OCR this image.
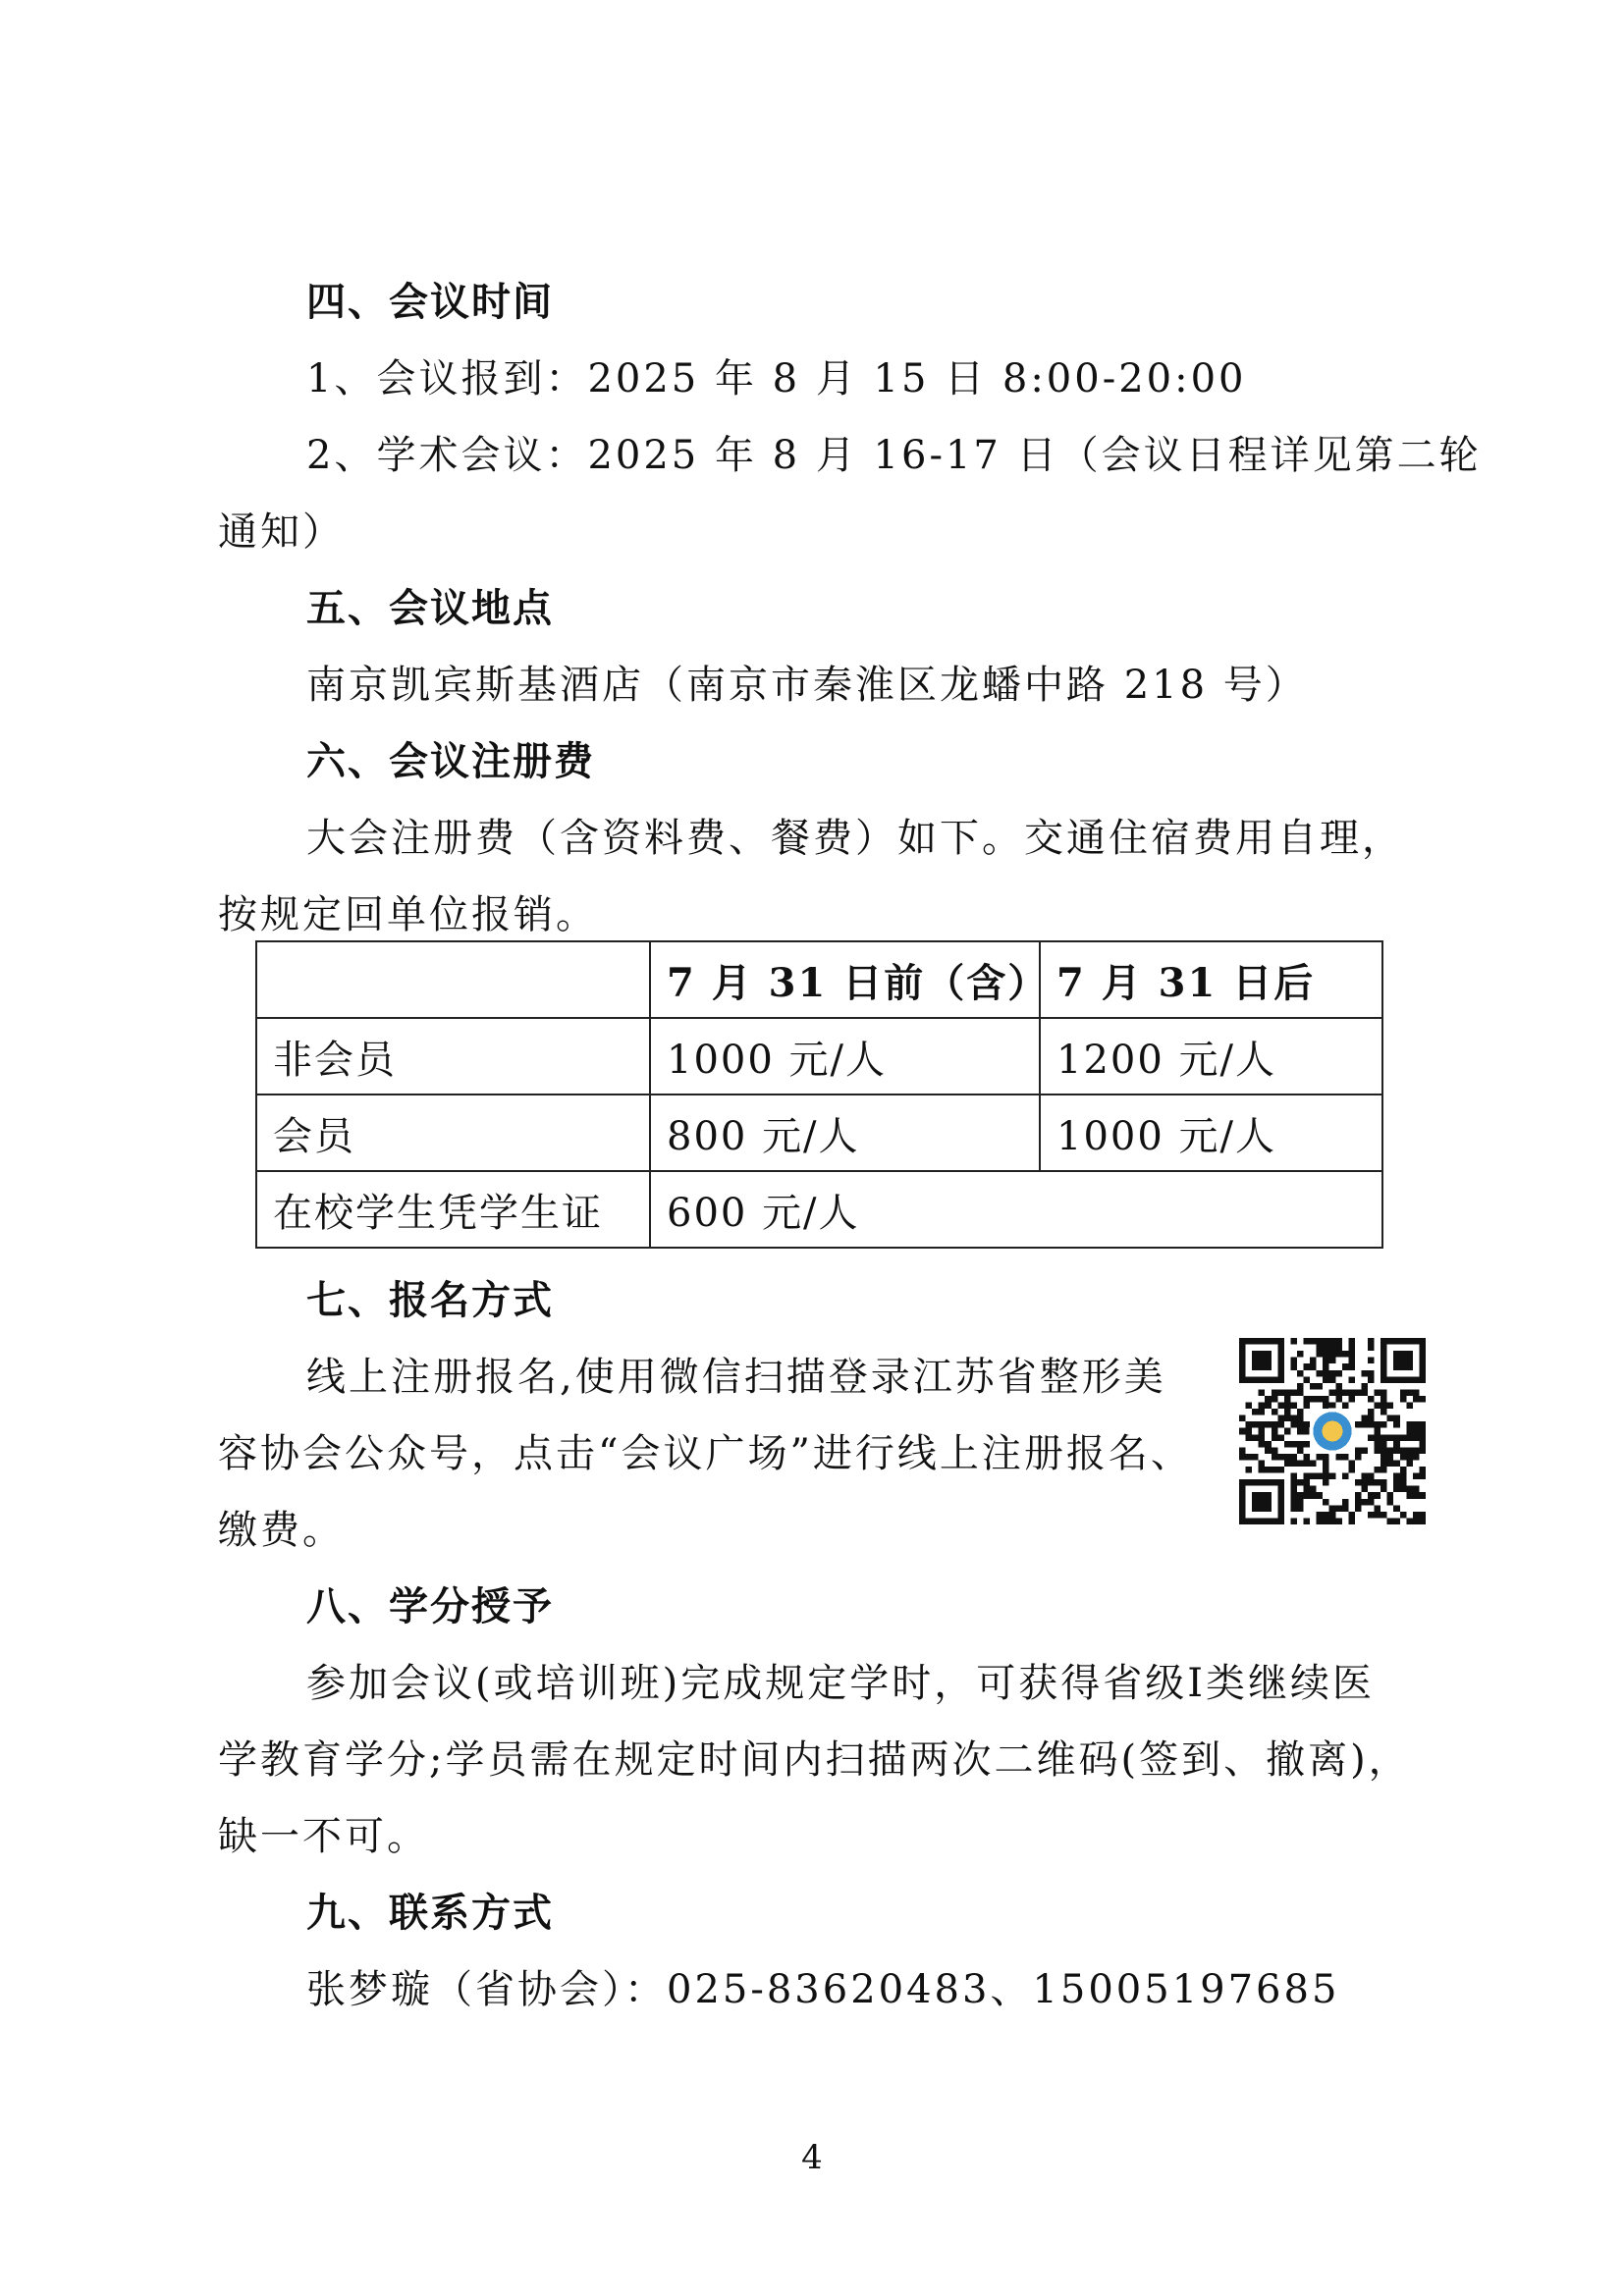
四、会议时间
1、会议报到：2025 年 8 月 15 日 8:00-20:00
2、学术会议：2025 年 8 月 16-17 日（会议日程详见第二轮
通知）
五、会议地点
南京凯宾斯基酒店（南京市秦淮区龙蟠中路 218 号）
六、会议注册费
大会注册费（含资料费、餐费）如下。交通住宿费用自理，
按规定回单位报销。
	7 月 31 日前（含）	7 月 31 日后
非会员	1000 元/人	1200 元/人
会员	800 元/人	1000 元/人
在校学生凭学生证	600 元/人	
七、报名方式
线上注册报名,使用微信扫描登录江苏省整形美
容协会公众号，点击“会议广场”进行线上注册报名、
缴费。
八、学分授予
参加会议(或培训班)完成规定学时，可获得省级Ⅰ类继续医
学教育学分;学员需在规定时间内扫描两次二维码(签到、撤离)，
缺一不可。
九、联系方式
张梦璇（省协会）：025-83620483、15005197685
4
